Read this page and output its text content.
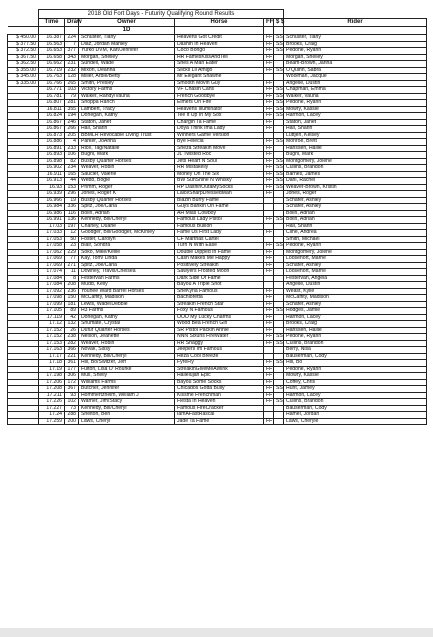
	2018 Old Fort Days - Futurity Qualifying Round Results						
	Time	Draw	Owner	Horse	FF	$ $	Rider
			1D				
$ 450.00	16.387	224	Schuster, Tiany	Heavens Got Credit	FF	SS	Schuster, Tiany
$ 377.50	16.563	7	Diaz, Jordan Manley	Dashin In Heaven	FF	SS	Brooks, Craig
$ 372.50	16.653	377	Yurko DVM, Kari/Jennifer	Coco Bongo	FF	SS	Pedone, Ryann
$ 367.50	16.658	343	Morgan, Shelley	HR FamesKissAndTell	FF		Morgan, Shelley
$ 362.50	16.662	231	Sundell, Wade	Shes A Man Eater	FF		Beam-Brown, Janna
$ 355.00	16.719	232	Mixon, Deanna	Slicks Lil Amigo	FF	SS	O'Quinn, Sabra
$ 345.00	16.763	128	Miller, Arbie/Betty	Mr Elegant Shawne			Woolman, Jacque
$ 335.00	16.766	265	Smith, Presley	Smooth Movin Guy	FF		Angelle, Dustin
	16.771	103	Victory Farms	VF Chasin Cans	FF	SS	Chapman, Emma
	16.781	79	Walker, Randy/Vauna	French Goodbye	FF	SS	Walker, Vauna
	16.807	281	Shoppa Ranch	Elmers On Fire	FF	SS	Pedone, Ryann
	16.811	355	Lambert, Tracy	Heavens Illuminator	FF	SS	Mowry, Kassie
	16.824	194	Donegan, Kathy	Tee It Up In My Sox	FF	SS	Harmon, Lacey
	16.867	246	Staton, Janet	Chargin Ta Fame	FF		Staton, Janet
	16.867	266	Hall, Sharin	Doya Think Ima Lady	FF		Hall, Sharin
	16.873	205	BBMLR Revocable Living Trust	Winners Game Version			Luttjen, Kelsey
	16.886	4	Parker, JoAnna	Bye Felecia	FF	SS	Monroe, Brett
	16.891	233	Rice, Tag/Natalie	Sheza Streakin Move	FF		Hanssen, Hallie
	16.893	106	Bugni, Mark	JL Twisted Roc	FF		Bugni, Mark
	16.898	82	Busby Quarter Horses	Jets Heart N Soul	FF	SS	Montgomery, Jolene
	16.902	234	Weaver, Robin	RR Mistakelly	FF	SS	Cullins, Brandon
	16.911	165	Saucier, Valerie	Money On The Six	FF	SS	Barnes, James
	16.913	44	Webb, Bogie	BW SunShine N Whisky	FF	SS	Dahl, Rachel
	16.93	153	Primm, Roger	RP DashinOutaMySocks	FF	SS	Weaver-Brown, Kristin
	16.939	296	Jones, Roger K	LaiceSharpDressedMan	FF		Jones, Roger
	16.966	19	Busby Quarter Horses	Blazin Burry Fame			Schafer, Ashley
	16.984	336	Spitz, Joe/Carla	Guys Bankin On Fame			Schafer, Ashley
	16.986	116	Bolin, Adrian	AH Mias Cowboy			Bolin, Adrian
	16.991	136	Kennedy, Bill/Cheryl	Famous Lady Pistol	FF	SS	Bolin, Adrian
	17.03	197	Chaney, Duane	Famous Bullion			Hall, Sharin
	17.033	12	Goodger, Bill/Goodger, McKinley	Fame Us First Lady	FF		Cline, Andrea
	17.053	50	Foster, Carolyn	CF Marthas Cartel			Smith, Michael
	17.058	23	Blair, Sondra	Turn N With Ease	FF	SS	Pedone, Ryann
	17.062	229	Soko, Mike/Kellie	Double Dipped In Fame	FF		Montgomery, Jolene
	17.069	77	Kay, Tom/ Linda	Cash Makes Me Happy	FF		Loosenort, Marne
	17.069	271	Spitz, Joe/Carla	Positively Streakin	FF		Schafer, Ashley
	17.074	11	Downey, Travis/Chelsea	Sawyers Frosted Moon	FF		Loosenort, Marne
	17.084	8	Festervan Farms	Dark Side Of Fame			Festervan, Angela
	17.084	208	Mudd, Kelly	Bayou A Triple Shot			Angelle, Dustin
	17.092	236	Younee Ward Barrel Horses	SheKyna Famous	FF		Weast, Kylie
	17.098	150	McCaffity, Madison	Bachloretta	FF		McCaffity, Madison
	17.099	181	Lewis, Wade/Debbie	Streakin French Star	FF		Schafer, Ashley
	17.105	89	H3 Farms	Foxy N Famous	FF	SS	Hodges, Jamie
	17.119	42	Donegan, Kathy	OOO My Lucky Charms	FF		Harmon, Lacey
	17.12	132	Shumate, Crystal	Wood Bea French Girl	FF		Brooks, Craig
	17.152	26	Dufur Quarter Horses	SR Pistol Packin Annie	FF		Hanssen, Hallie
	17.152	238	Nelson, Jeanette	NNN Sixuns FireWater	FF	SS	Pedone, Ryann
	17.153	282	Weaver, Robin	RR Shaggy	FF	SS	Cullins, Brandon
	17.163	366	Novak, Sissy	Jeepers Im Famous			Berry, Nisa
	17.17	221	Kennedy, Bill/Cheryl	Heza Cool Breeze			Bauserman, Cody
	17.18	361	Hill, Bo/Switzer, Jeff	FyreFly	FF	SS	Hill, Bo
	17.19	177	Fulton, Lisa O' Rourke	StreakinGiveMeAWink	FF		Pedone, Ryann
	17.198	306	Mull, Shelly	Hallelujah Epic	FF		Mowry, Kassie
	17.206	172	Williams Farms	Bayou Some Socks	FF		Coffey, Chris
	17.208	367	Butcher, Jennifer	Chicados Gotta Bully	FF	SS	Hunt, Jamey
	17.211	93	Hommertzheim, William J	Kissme Frenchman	FF		Harmon, Lacey
	17.226	102	Warner, Jim/Stacy	Fiesta In Heaven	FF	SS	Cullins, Brandon
	17.227	73	Kennedy, Bill/Cheryl	Famous FireCracker			Bauserman, Cody
	17.24	288	Shelton, Ben	IamAFastRascal			Hamel, Jordan
	17.259	200	Laws, Cheryl	Jade Ta Fame	FF		Laws, Cheryle
